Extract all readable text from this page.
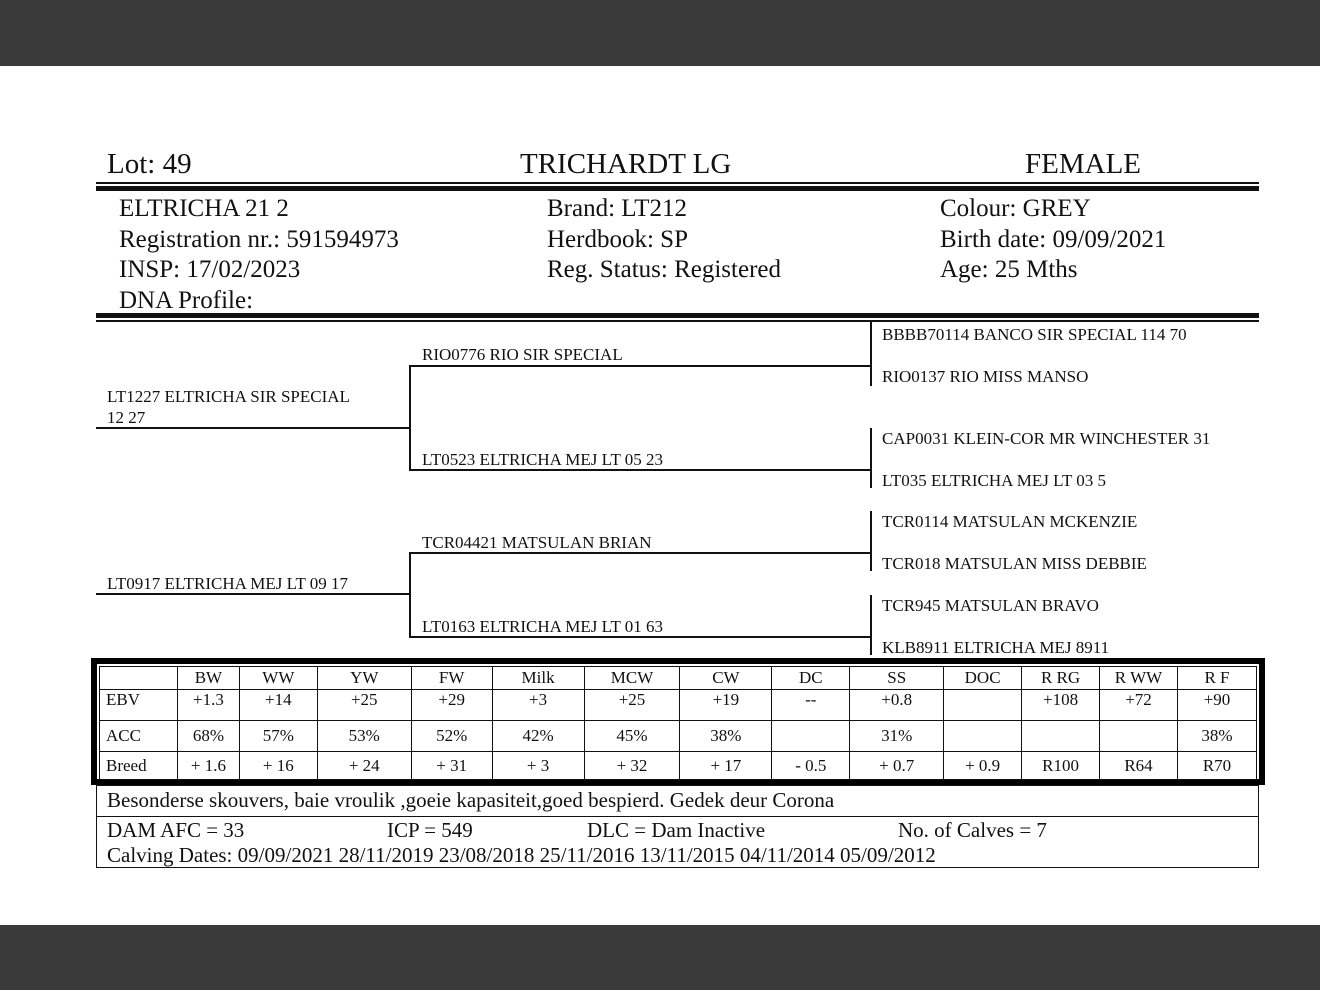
Lot: 49	TRICHARDT LG	FEMALE
ELTRICHA 21 2
Registration nr.: 591594973
INSP: 17/02/2023
DNA Profile:
Brand: LT212
Herdbook: SP
Reg. Status: Registered
Colour: GREY
Birth date: 09/09/2021
Age: 25 Mths
LT1227 ELTRICHA SIR SPECIAL
12 27
LT0917 ELTRICHA MEJ LT 09 17
RIO0776 RIO SIR SPECIAL
LT0523 ELTRICHA MEJ LT 05 23
TCR04421 MATSULAN BRIAN
LT0163 ELTRICHA MEJ LT 01 63
BBBB70114 BANCO SIR SPECIAL 114 70
RIO0137 RIO MISS MANSO
CAP0031 KLEIN-COR MR WINCHESTER 31
LT035 ELTRICHA MEJ LT 03 5
TCR0114 MATSULAN MCKENZIE
TCR018 MATSULAN MISS DEBBIE
TCR945 MATSULAN BRAVO
KLB8911 ELTRICHA MEJ 8911
	BW	WW	YW	FW	Milk	MCW	CW	DC	SS	DOC	R RG	R WW	R F
EBV	+1.3	+14	+25	+29	+3	+25	+19	--	+0.8		+108	+72	+90
ACC	68%	57%	53%	52%	42%	45%	38%		31%				38%
Breed	+ 1.6	+ 16	+ 24	+ 31	+ 3	+ 32	+ 17	- 0.5	+ 0.7	+ 0.9	R100	R64	R70
Besonderse skouvers, baie vroulik ,goeie kapasiteit,goed bespierd. Gedek deur Corona
DAM AFC = 33	ICP = 549	DLC = Dam Inactive	No. of Calves = 7
Calving Dates: 09/09/2021 28/11/2019 23/08/2018 25/11/2016 13/11/2015 04/11/2014 05/09/2012
